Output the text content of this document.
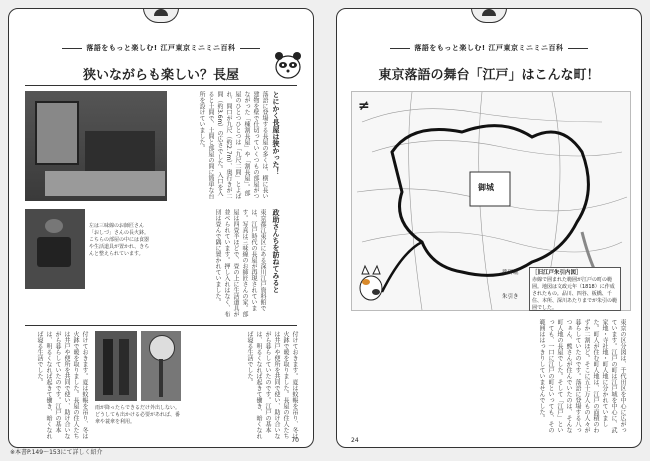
落語をもっと楽しむ! 江戸東京ミニミニ百科
狭いながらも楽しい？長屋
とにかく長屋は狭かった！
落語に登場する長屋の多くは、横に長い建物を壁で仕切っていくつもの部屋がつながった「棟割長屋」や「割長屋」。部屋のひとつひとつは「九尺二間」とよばれ、間口が九尺（約2.7m）、奥行きが二間（約3.6m）の広さでした。入口を入ると土間で、土間と部屋の間に簡単な台所を設けていました。
左は三味線のお師匠さん「おしづ」さんの長火鉢。こちらの部屋の中には食器や生活道具が置かれ、きちんと整えられています。	政助さんちを訪ねてみると
東京都江東区にある深川江戸資料館では、江戸時代の長屋が再現されています。写真は三味線のお師匠さんの家。部屋は四畳半ほどで、畳の上に生活道具が並べられています。押し入れはなく、布団は畳んで隅に置かれていました。
付けておきます。夏は蚊帳を吊り、冬は火鉢で暖を取りました。長屋の住人たちは井戸や便所を共同で使い、助け合いながら暮らしていたのです。江戸の基本は、明るくなれば起きて働き、暗くなれば寝る生活でした。
雨が降ったらできるだけ外出しない。どうしても出かける必要があれば、番傘や蓑傘を利用。	付けておきます。夏は蚊帳を吊り、冬は火鉢で暖を取りました。長屋の住人たちは井戸や便所を共同で使い、助け合いながら暮らしていたのです。江戸の基本は、明るくなれば起きて働き、暗くなれば寝る生活でした。
70
落語をもっと楽しむ! 江戸東京ミニミニ百科
東京落語の舞台「江戸」はこんな町！
御城
≠
薬研堀
朱引き
［旧江戸朱引内図］
赤線で囲まれた範囲が江戸の町の範囲。地図は文政元年（1818）に作成されたもの。品川、四谷、板橋、千住、本所、深川あたりまでが朱引の範囲でした。
東京の区分図は、千代田区を中心に広がっています。江戸の町は江戸城を中心に、武家地・寺社地・町人地に分かれていました。町人が住む町人地は、江戸の面積のわずか二割ほど。そこに五十万人もの人々が暮らしていたのです。落語に登場する八っつぁん、熊さんが住んでいたのは、そんな町人地の長屋でした。そして「江戸」といっても、一口に江戸の町といっても、その範囲ははっきりしていませんでした。
24
※本書P.149〜153にて詳しく紹介
